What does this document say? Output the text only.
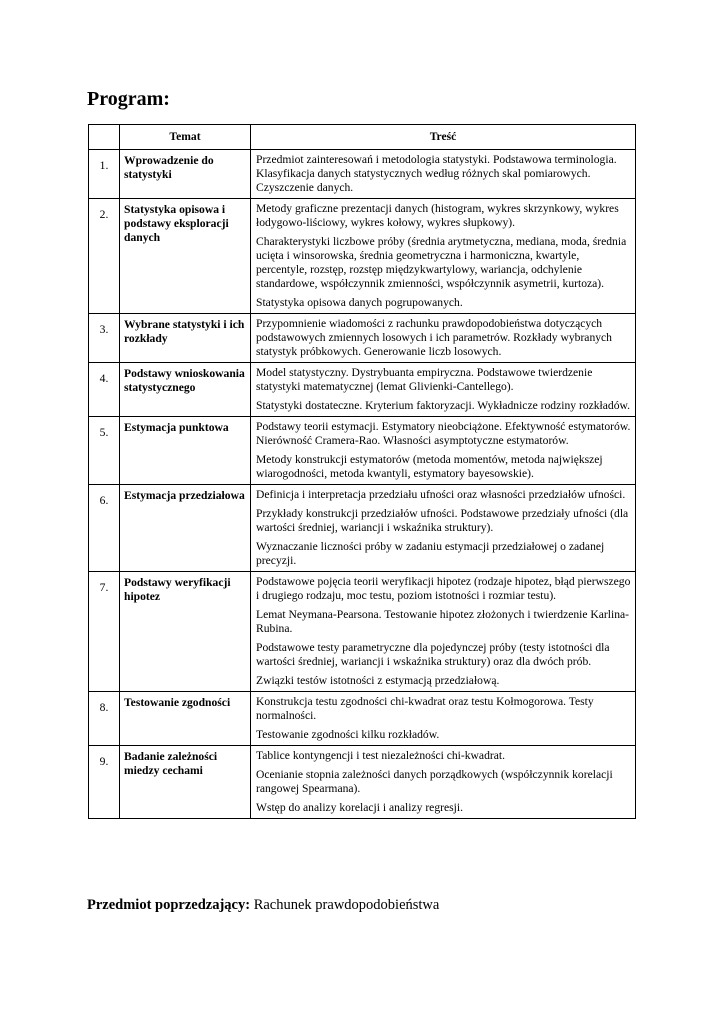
Program:
	Temat	Treść
1.	Wprowadzenie do statystyki	Przedmiot zainteresowań i metodologia statystyki. Podstawowa terminologia. Klasyfikacja danych statystycznych według różnych skal pomiarowych. Czyszczenie danych.

2.	Statystyka opisowa i podstawy eksploracji danych	Metody graficzne prezentacji danych (histogram, wykres skrzynkowy, wykres łodygowo-liściowy, wykres kołowy, wykres słupkowy).

Charakterystyki liczbowe próby (średnia arytmetyczna, mediana, moda, średnia ucięta i winsorowska, średnia geometryczna i harmoniczna, kwartyle, percentyle, rozstęp, rozstęp międzykwartylowy, wariancja, odchylenie standardowe, współczynnik zmienności, współczynnik asymetrii, kurtoza).

Statystyka opisowa danych pogrupowanych.

3.	Wybrane statystyki i ich rozkłady	Przypomnienie wiadomości z rachunku prawdopodobieństwa dotyczących podstawowych zmiennych losowych i ich parametrów. Rozkłady wybranych statystyk próbkowych. Generowanie liczb losowych.

4.	Podstawy wnioskowania statystycznego	Model statystyczny. Dystrybuanta empiryczna. Podstawowe twierdzenie statystyki matematycznej (lemat Glivienki-Cantellego).

Statystyki dostateczne. Kryterium faktoryzacji. Wykładnicze rodziny rozkładów.

5.	Estymacja punktowa	Podstawy teorii estymacji. Estymatory nieobciążone. Efektywność estymatorów. Nierówność Cramera-Rao. Własności asymptotyczne estymatorów.

Metody konstrukcji estymatorów (metoda momentów, metoda największej wiarogodności, metoda kwantyli, estymatory bayesowskie).

6.	Estymacja przedziałowa	Definicja i interpretacja przedziału ufności oraz własności przedziałów ufności.

Przykłady konstrukcji przedziałów ufności. Podstawowe przedziały ufności (dla wartości średniej, wariancji i wskaźnika struktury).

Wyznaczanie liczności próby w zadaniu estymacji przedziałowej o zadanej precyzji.

7.	Podstawy weryfikacji hipotez	Podstawowe pojęcia teorii weryfikacji hipotez (rodzaje hipotez, błąd pierwszego i drugiego rodzaju, moc testu, poziom istotności i rozmiar testu).

Lemat Neymana-Pearsona. Testowanie hipotez złożonych i twierdzenie Karlina-Rubina.

Podstawowe testy parametryczne dla pojedynczej próby (testy istotności dla wartości średniej, wariancji i wskaźnika struktury) oraz dla dwóch prób.

Związki testów istotności z estymacją przedziałową.

8.	Testowanie zgodności	Konstrukcja testu zgodności chi-kwadrat oraz testu Kołmogorowa. Testy normalności.

Testowanie zgodności kilku rozkładów.

9.	Badanie zależności miedzy cechami	Tablice kontyngencji i test niezależności chi-kwadrat.

Ocenianie stopnia zależności danych porządkowych (współczynnik korelacji rangowej Spearmana).

Wstęp do analizy korelacji i analizy regresji.

Przedmiot poprzedzający: Rachunek prawdopodobieństwa
